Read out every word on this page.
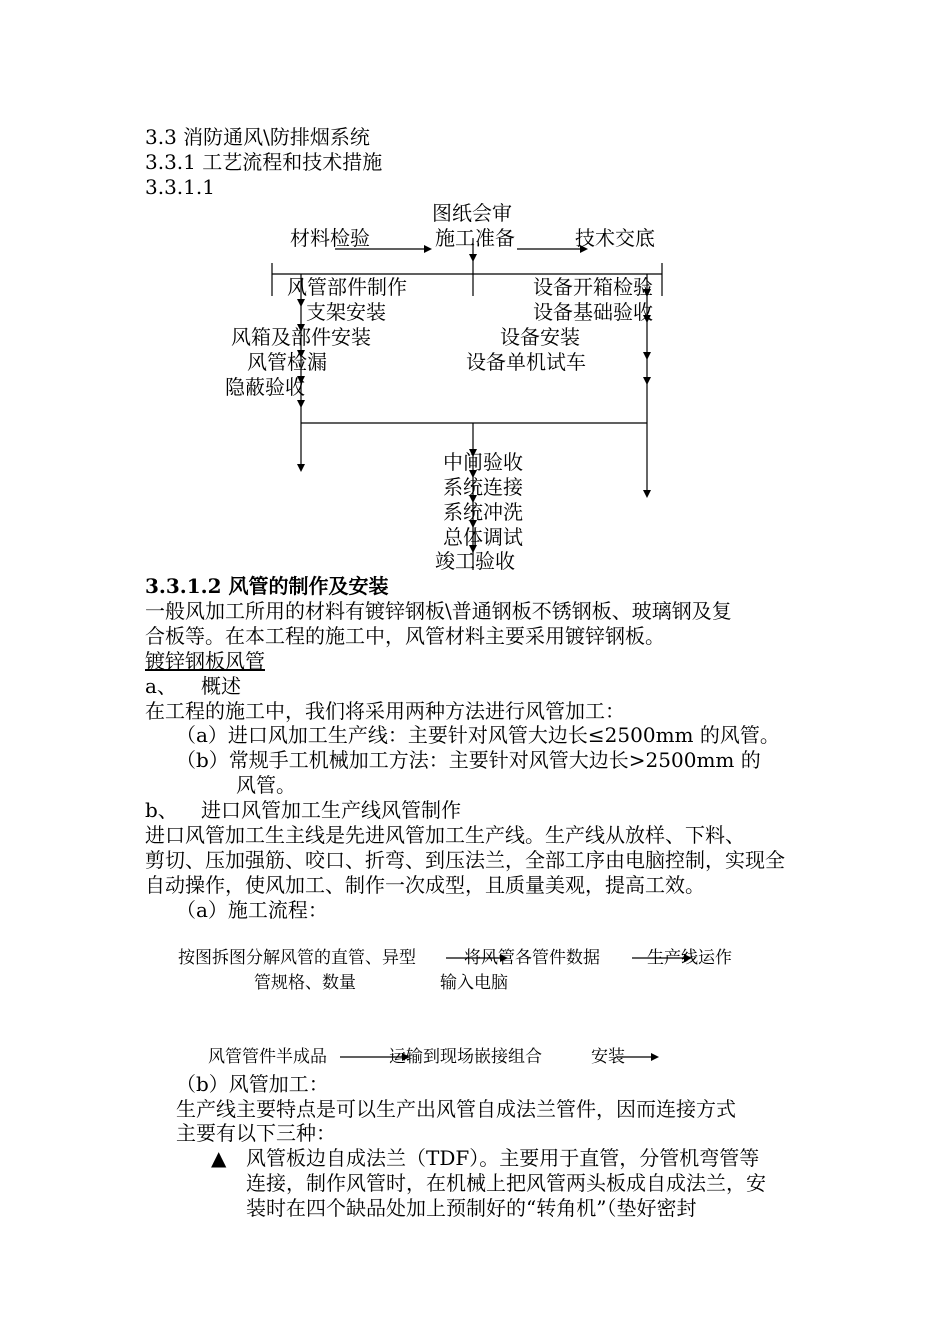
3.3 消防通风\防排烟系统
3.3.1 工艺流程和技术措施
3.3.1.1
图纸会审
材料检验	施工准备	技术交底
风管部件制作
支架安装
风箱及部件安装
风管检漏
隐蔽验收
设备开箱检验
设备基础验收
设备安装
设备单机试车
中间验收
系统连接
系统冲洗
总体调试
竣工验收
3.3.1.2 风管的制作及安装
一般风加工所用的材料有镀锌钢板\普通钢板不锈钢板、玻璃钢及复
合板等。在本工程的施工中，风管材料主要采用镀锌钢板。
镀锌钢板风管
a、 概述
在工程的施工中，我们将采用两种方法进行风管加工：
（a）进口风加工生产线：主要针对风管大边长≤2500mm 的风管。
（b）常规手工机械加工方法：主要针对风管大边长>2500mm 的
风管。
b、 进口风管加工生产线风管制作
进口风管加工生主线是先进风管加工生产线。生产线从放样、下料、
剪切、压加强筋、咬口、折弯、到压法兰，全部工序由电脑控制，实现全
自动操作，使风加工、制作一次成型，且质量美观，提高工效。
（a）施工流程：
按图拆图分解风管的直管、异型
管规格、数量
将风管各管件数据
输入电脑
生产线运作
风管管件半成品	运输到现场嵌接组合	安装
（b）风管加工：
生产线主要特点是可以生产出风管自成法兰管件，因而连接方式
主要有以下三种：
▲ 风管板边自成法兰（TDF）。主要用于直管，分管机弯管等
连接，制作风管时，在机械上把风管两头板成自成法兰，安
装时在四个缺品处加上预制好的“转角机”（垫好密封
